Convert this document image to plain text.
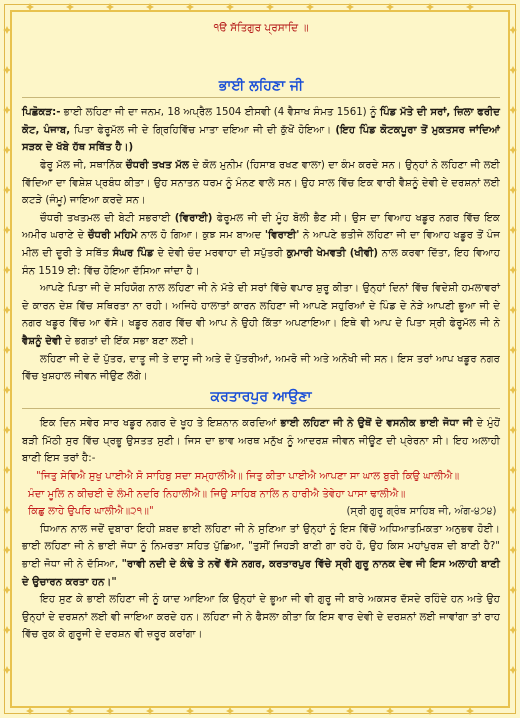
੧ੳ ਸੱਤਿਗੁਰ ਪ੍ਰਸਾਦਿ ॥
ਭਾਈ ਲਹਿਣਾ ਜੀ

ਪਿਛੋਕੜ:- ਭਾਈ ਲਹਿਣਾ ਜੀ ਦਾ ਜਨਮ, 18 ਅਪ੍ਰੈਲ 1504 ਈਸਵੀ (4 ਵੈਸਾਖ ਸੰਮਤ 1561) ਨੂੰ ਪਿੰਡ ਮੱਤੇ ਦੀ ਸਰਾਂ, ਜ਼ਿਲਾ ਫਰੀਦ ਕੋਟ, ਪੰਜਾਬ, ਪਿਤਾ ਫੇਰੂਮੱਲ ਜੀ ਦੇ ਗ੍ਰਿਹਿਵਿੱਚ ਮਾਤਾ ਦਇਆ ਜੀ ਦੀ ਕੁੱਖੋਂ ਹੋਇਆ। (ਇਹ ਪਿੰਡ ਕੋਟਕਪੂਰਾ ਤੋਂ ਮੁਕਤਸਰ ਜਾਂਦਿਆਂ ਸੜਕ ਦੇ ਖੱਬੇ ਹੱਥ ਸਥਿੱਤ ਹੈ।)

ਫੇਰੂ ਮੱਲ ਜੀ, ਸਥਾਨਿੱਕ ਚੌਧਰੀ ਤਖਤ ਮੱਲ ਦੇ ਕੋਲ ਮੁਨੀਮ (ਹਿਸਾਬ ਰਖਣ ਵਾਲਾ) ਦਾ ਕੰਮ ਕਰਦੇ ਸਨ। ਉਨ੍ਹਾਂ ਨੇ ਲਹਿਣਾ ਜੀ ਲਈ ਵਿੱਦਿਆ ਦਾ ਵਿਸ਼ੇਸ਼ ਪ੍ਰਬੰਧ ਕੀਤਾ। ਉਹ ਸਨਾਤਨ ਧਰਮ ਨੂੰ ਮੰਨਣ ਵਾਲੇ ਸਨ। ਉਹ ਸਾਲ ਵਿੱਚ ਇਕ ਵਾਰੀ ਵੈਸ਼ਨੂੰ ਦੇਵੀ ਦੇ ਦਰਸ਼ਨਾਂ ਲਈ ਕਟੜੇ (ਜੰਮੂ) ਜਾਇਆ ਕਰਦੇ ਸਨ।

ਚੌਧਰੀ ਤਖਤਮਲ ਦੀ ਬੇਟੀ ਸਭਰਾਈ (ਵਿਰਾਈ) ਫੇਰੂਮਲ ਜੀ ਦੀ ਮੂੰਹ ਬੋਲੀ ਭੈਣ ਸੀ। ਉਸ ਦਾ ਵਿਆਹ ਖਡੂਰ ਨਗਰ ਵਿੱਚ ਇਕ ਅਮੀਰ ਘਰਾਣੇ ਦੇ ਚੌਧਰੀ ਮਹਿਮੇ ਨਾਲ ਹੋ ਗਿਆ। ਕੁਝ ਸਮ ਬਾਅਦ 'ਵਿਰਾਈ' ਨੇ ਆਪਣੇ ਭਤੀਜੇ ਲਹਿਣਾ ਜੀ ਦਾ ਵਿਆਹ ਖਡੂਰ ਤੋਂ ਪੰਜ ਮੀਲ ਦੀ ਦੂਰੀ ਤੇ ਸਥਿੱਤ ਸੰਘਰ ਪਿੰਡ ਦੇ ਦੇਵੀ ਚੰਦ ਮਰਵਾਹਾ ਦੀ ਸਪੁੱਤਰੀ ਕੁਮਾਰੀ ਖੇਮਵਤੀ (ਖੀਵੀ) ਨਾਲ ਕਰਵਾ ਦਿੱਤਾ, ਇਹ ਵਿਆਹ ਸੰਨ 1519 ਈ: ਵਿੱਚ ਹੋਇਆ ਦੱਸਿਆ ਜਾਂਦਾ ਹੈ।

ਆਪਣੇ ਪਿਤਾ ਜੀ ਦੇ ਸਹਿਯੋਗ ਨਾਲ ਲਹਿਣਾ ਜੀ ਨੇ ਮੱਤੇ ਦੀ ਸਰਾਂ ਵਿੱਚੇ ਵਪਾਰ ਸ਼ੁਰੂ ਕੀਤਾ। ਉਨ੍ਹਾਂ ਦਿਨਾਂ ਵਿੱਚ ਵਿਦੇਸ਼ੀ ਹਮਲਾਵਰਾਂ ਦੇ ਕਾਰਨ ਦੇਸ਼ ਵਿੱਚ ਸਥਿਰਤਾ ਨਾ ਰਹੀ। ਅਜਿਹੇ ਹਾਲਾਤਾਂ ਕਾਰਨ ਲਹਿਣਾ ਜੀ ਆਪਣੇ ਸਹੁਰਿਆਂ ਦੇ ਪਿੰਡ ਦੇ ਨੇੜੇ ਆਪਣੀ ਭੂਆ ਜੀ ਦੇ ਨਗਰ ਖਡੂਰ ਵਿੱਚ ਆ ਵੱਸੇ। ਖਡੂਰ ਨਗਰ ਵਿੱਚ ਵੀ ਆਪ ਨੇ ਉਹੀ ਕਿੱਤਾ ਅਪਣਾਇਆ। ਇਥੇ ਵੀ ਆਪ ਦੇ ਪਿਤਾ ਸ੍ਰੀ ਫੇਰੂਮੱਲ ਜੀ ਨੇ ਵੈਸ਼ਨੂੰ ਦੇਵੀ ਦੇ ਭਗਤਾਂ ਦੀ ਇੱਕ ਸਭਾ ਬਣਾ ਲਈ।

ਲਹਿਣਾ ਜੀ ਦੇ ਦੋ ਪੁੱਤਰ, ਦਾਤੂ ਜੀ ਤੇ ਦਾਸੂ ਜੀ ਅਤੇ ਦੋ ਪੁੱਤਰੀਆਂ, ਅਮਰੋ ਜੀ ਅਤੇ ਅਨੋਖੀ ਜੀ ਸਨ। ਇਸ ਤਰਾਂ ਆਪ ਖਡੂਰ ਨਗਰ ਵਿੱਚ ਖੁਸ਼ਹਾਲ ਜੀਵਨ ਜੀਉਣ ਲੱਗੇ।

ਕਰਤਾਰਪੁਰ ਆਉਣਾ

ਇਕ ਦਿਨ ਸਵੇਰ ਸਾਰ ਖਡੂਰ ਨਗਰ ਦੇ ਖੂਹ ਤੇ ਇਸ਼ਨਾਨ ਕਰਦਿਆਂ ਭਾਈ ਲਹਿਣਾ ਜੀ ਨੇ ਉਥੋਂ ਦੇ ਵਸਨੀਕ ਭਾਈ ਜੋਧਾ ਜੀ ਦੇ ਮੁੰਹੋਂ ਬੜੀ ਮਿੱਠੀ ਸੁਰ ਵਿੱਚ ਪ੍ਰਭੂ ਉਸਤਤ ਸੁਣੀ। ਜਿਸ ਦਾ ਭਾਵ ਅਰਥ ਮਨੁੱਖ ਨੂੰ ਆਦਰਸ਼ ਜੀਵਨ ਜੀਊਣ ਦੀ ਪ੍ਰੇਰਨਾ ਸੀ। ਇਹ ਅਲਾਹੀ ਬਾਣੀ ਇਸ ਤਰਾਂ ਹੈ:-

"ਜਿਤੁ ਸੇਵਿਐ ਸੁਖੁ ਪਾਈਐ ਸੋ ਸਾਹਿਬੁ ਸਦਾ ਸਮ੍ਹਾਲੀਐ॥ ਜਿਤੁ ਕੀਤਾ ਪਾਈਐ ਆਪਣਾ ਸਾ ਘਾਲ ਬੁਰੀ ਕਿਉ ਘਾਲੀਐ॥

ਮੰਦਾ ਮੂਲਿ ਨ ਕੀਚਈ ਦੇ ਲੰਮੀ ਨਦਰਿ ਨਿਹਾਲੀਐ॥ ਜਿਉ ਸਾਹਿਬ ਨਾਲਿ ਨ ਹਾਰੀਐ ਤੇਵੇਹਾ ਪਾਸਾ ਢਾਲੀਐ॥

ਕਿਛੁ ਲਾਹੇ ਉਪਰਿ ਘਾਲੀਐ॥੨੧॥"	(ਸ੍ਰੀ ਗੁਰੂ ਗ੍ਰੰਥ ਸਾਹਿਬ ਜੀ, ਅੰਗ-੪੭੪)

ਧਿਆਨ ਨਾਲ ਜਦੋਂ ਦੁਬਾਰਾ ਇਹੀ ਸ਼ਬਦ ਭਾਈ ਲਹਿਣਾ ਜੀ ਨੇ ਸੁਣਿਆ ਤਾਂ ਉਨ੍ਹਾਂ ਨੂੰ ਇਸ ਵਿੱਚੋਂ ਅਧਿਆਤਮਿਕਤਾ ਅਨੁਭਵ ਹੋਈ। ਭਾਈ ਲਹਿਣਾ ਜੀ ਨੇ ਭਾਈ ਜੋਧਾ ਨੂੰ ਨਿਮਰਤਾ ਸਹਿਤ ਪੁੱਛਿਆ, "ਤੁਸੀਂ ਜਿਹੜੀ ਬਾਣੀ ਗਾ ਰਹੇ ਹੋ, ਉਹ ਕਿਸ ਮਹਾਂਪੁਰਸ਼ ਦੀ ਬਾਣੀ ਹੈ?" ਭਾਈ ਜੋਧਾ ਜੀ ਨੇ ਦੱਸਿਆ, "ਰਾਵੀ ਨਦੀ ਦੇ ਕੰਢੇ ਤੇ ਨਵੇਂ ਵੱਸੇ ਨਗਰ, ਕਰਤਾਰਪੁਰ ਵਿੱਚੇ ਸ੍ਰੀ ਗੁਰੂ ਨਾਨਕ ਦੇਵ ਜੀ ਇਸ ਅਲਾਹੀ ਬਾਣੀ ਦੇ ਉਚਾਰਨ ਕਰਤਾ ਹਨ।"

ਇਹ ਸੁਣ ਕੇ ਭਾਈ ਲਹਿਣਾ ਜੀ ਨੂੰ ਯਾਦ ਆਇਆ ਕਿ ਉਨ੍ਹਾਂ ਦੇ ਭੂਆ ਜੀ ਵੀ ਗੁਰੂ ਜੀ ਬਾਰੇ ਅਕਸਰ ਦੱਸਦੇ ਰਹਿੰਦੇ ਹਨ ਅਤੇ ਉਹ ਉਨ੍ਹਾਂ ਦੇ ਦਰਸ਼ਨਾਂ ਲਈ ਵੀ ਜਾਇਆ ਕਰਦੇ ਹਨ। ਲਹਿਣਾ ਜੀ ਨੇ ਫੈਸਲਾ ਕੀਤਾ ਕਿ ਇਸ ਵਾਰ ਦੇਵੀ ਦੇ ਦਰਸ਼ਨਾਂ ਲਈ ਜਾਵਾਂਗਾ ਤਾਂ ਰਾਹ ਵਿੱਚ ਰੁਕ ਕੇ ਗੁਰੂਜੀ ਦੇ ਦਰਸ਼ਨ ਵੀ ਜ਼ਰੂਰ ਕਰਾਂਗਾ।
